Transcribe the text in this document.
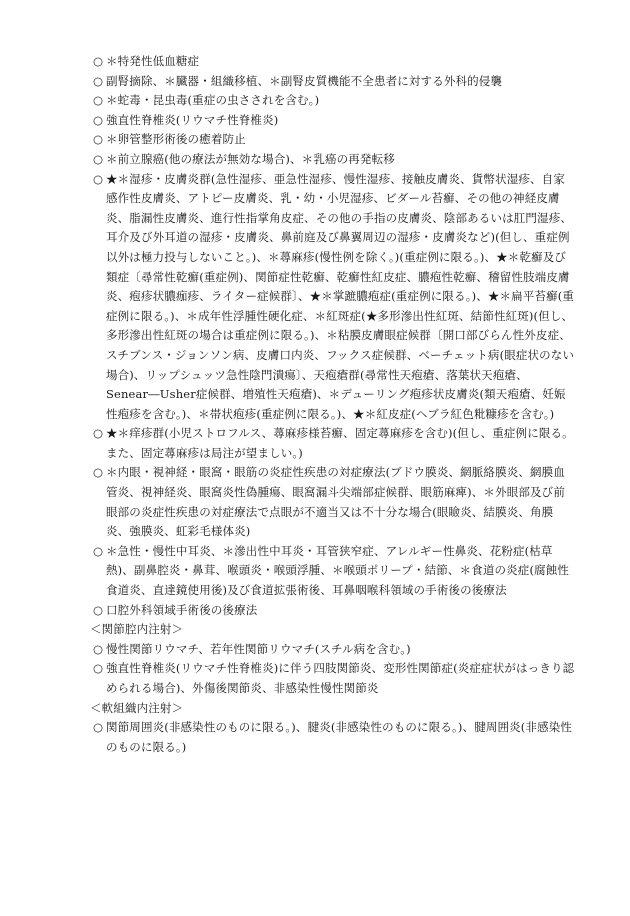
○ ＊特発性低血糖症
○ 副腎摘除、＊臓器・組織移植、＊副腎皮質機能不全患者に対する外科的侵襲
○ ＊蛇毒・昆虫毒(重症の虫さされを含む。)
○ 強直性脊椎炎(リウマチ性脊椎炎)
○ ＊卵管整形術後の癒着防止
○ ＊前立腺癌(他の療法が無効な場合)、＊乳癌の再発転移
○ ★＊湿疹・皮膚炎群(急性湿疹、亜急性湿疹、慢性湿疹、接触皮膚炎、貨幣状湿疹、自家感作性皮膚炎、アトピー皮膚炎、乳・幼・小児湿疹、ビダール苔癬、その他の神経皮膚炎、脂漏性皮膚炎、進行性指掌角皮症、その他の手指の皮膚炎、陰部あるいは肛門湿疹、耳介及び外耳道の湿疹・皮膚炎、鼻前庭及び鼻翼周辺の湿疹・皮膚炎など)(但し、重症例以外は極力投与しないこと。)、＊蕁麻疹(慢性例を除く。)(重症例に限る。)、★＊乾癬及び類症〔尋常性乾癬(重症例)、関節症性乾癬、乾癬性紅皮症、膿疱性乾癬、稽留性肢端皮膚炎、疱疹状膿痂疹、ライター症候群〕、★＊掌蹠膿疱症(重症例に限る。)、★＊扁平苔癬(重症例に限る。)、＊成年性浮腫性硬化症、＊紅斑症(★多形滲出性紅斑、結節性紅斑)(但し、多形滲出性紅斑の場合は重症例に限る。)、＊粘膜皮膚眼症候群〔開口部びらん性外皮症、スチブンス・ジョンソン病、皮膚口内炎、フックス症候群、ベーチェット病(眼症状のない場合)、リップシュッツ急性陰門潰瘍〕、天疱瘡群(尋常性天疱瘡、落葉状天疱瘡、Senear―Usher症候群、増殖性天疱瘡)、＊デューリング疱疹状皮膚炎(類天疱瘡、妊娠性疱疹を含む。)、＊帯状疱疹(重症例に限る。)、★＊紅皮症(ヘブラ紅色粃糠疹を含む。)
○ ★＊痒疹群(小児ストロフルス、蕁麻疹様苔癬、固定蕁麻疹を含む)(但し、重症例に限る。また、固定蕁麻疹は局注が望ましい。)
○ ＊内眼・視神経・眼窩・眼筋の炎症性疾患の対症療法(ブドウ膜炎、網脈絡膜炎、網膜血管炎、視神経炎、眼窩炎性偽腫瘍、眼窩漏斗尖端部症候群、眼筋麻痺)、＊外眼部及び前眼部の炎症性疾患の対症療法で点眼が不適当又は不十分な場合(眼瞼炎、結膜炎、角膜炎、強膜炎、虹彩毛様体炎)
○ ＊急性・慢性中耳炎、＊滲出性中耳炎・耳管狭窄症、アレルギー性鼻炎、花粉症(枯草熱)、副鼻腔炎・鼻茸、喉頭炎・喉頭浮腫、＊喉頭ポリープ・結節、＊食道の炎症(腐蝕性食道炎、直達鏡使用後)及び食道拡張術後、耳鼻咽喉科領域の手術後の後療法
○ 口腔外科領域手術後の後療法
＜関節腔内注射＞
○ 慢性関節リウマチ、若年性関節リウマチ(スチル病を含む。)
○ 強直性脊椎炎(リウマチ性脊椎炎)に伴う四肢関節炎、変形性関節症(炎症症状がはっきり認められる場合)、外傷後関節炎、非感染性慢性関節炎
＜軟組織内注射＞
○ 関節周囲炎(非感染性のものに限る。)、腱炎(非感染性のものに限る。)、腱周囲炎(非感染性のものに限る。)
